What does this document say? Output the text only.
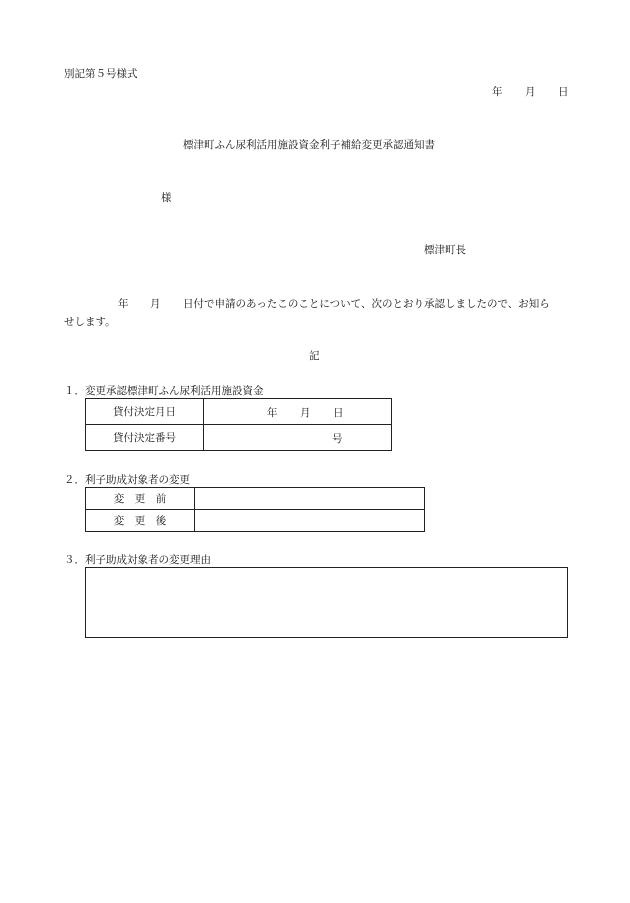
別記第５号様式
年 月 日
標津町ふん尿利活用施設資金利子補給変更承認通知書
様
標津町長
年 月 日付で申請のあったこのことについて、次のとおり承認しましたので、お知ら
せします。
記
１．変更承認標津町ふん尿利活用施設資金
貸付決定月日	年 月 日

貸付決定番号	号
２．利子助成対象者の変更
変　更　前	
変　更　後	
３．利子助成対象者の変更理由
